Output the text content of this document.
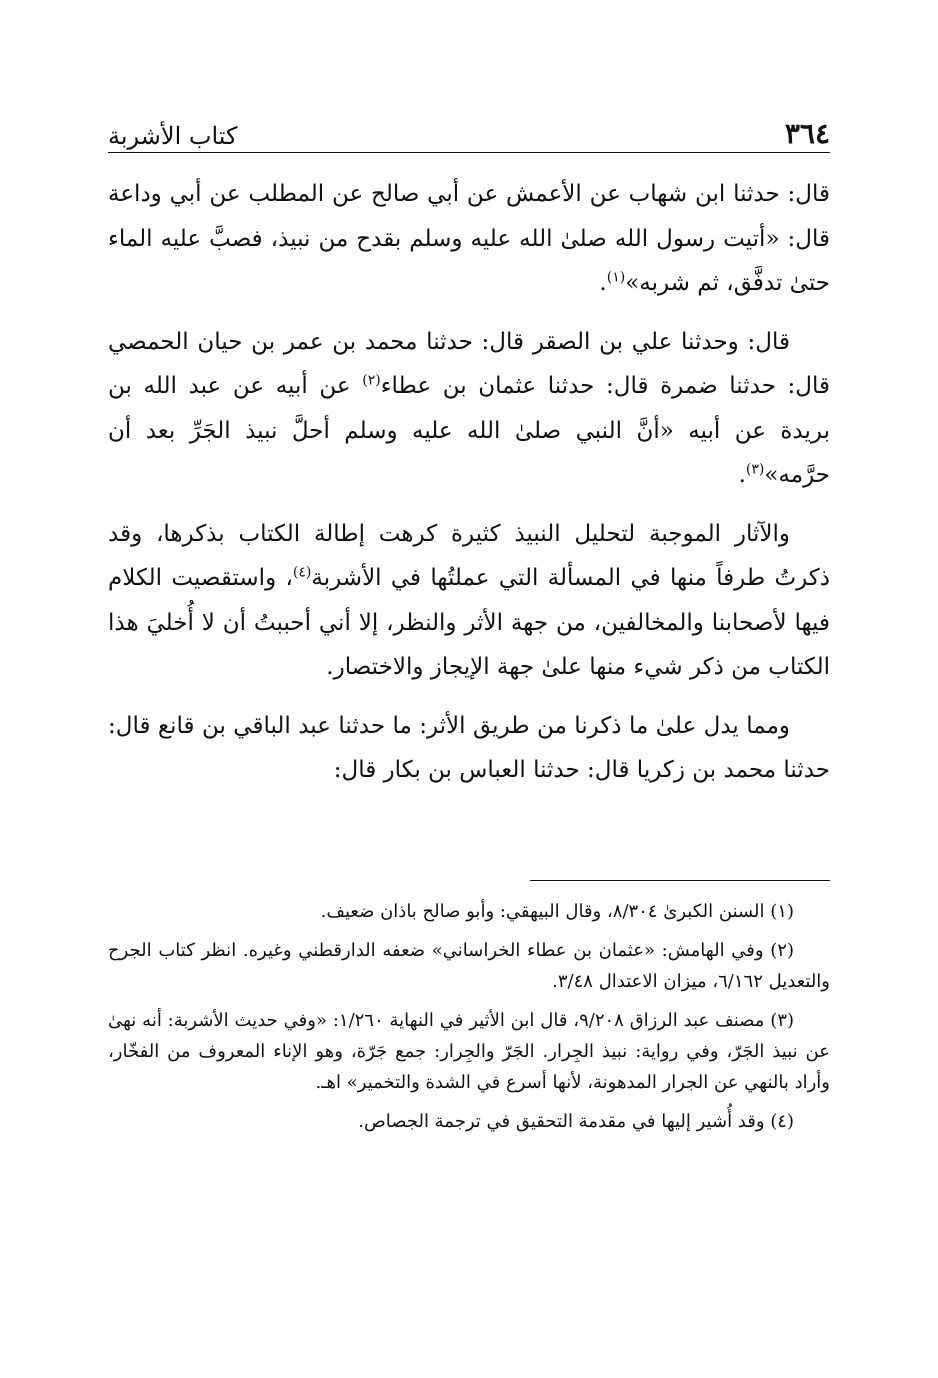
٣٦٤
كتاب الأشربة

قال: حدثنا ابن شهاب عن الأعمش عن أبي صالح عن المطلب عن أبي وداعة قال: «أتيت رسول الله صلىٰ الله عليه وسلم بقدح من نبيذ، فصبَّ عليه الماء حتىٰ تدفَّق، ثم شربه»$^{(١)}$.

قال: وحدثنا علي بن الصقر قال: حدثنا محمد بن عمر بن حيان الحمصي قال: حدثنا ضمرة قال: حدثنا عثمان بن عطاء$^{(٢)}$ عن أبيه عن عبد الله بن بريدة عن أبيه «أنَّ النبي صلىٰ الله عليه وسلم أحلَّ نبيذ الجَرِّ بعد أن حرَّمه»$^{(٣)}$.

والآثار الموجبة لتحليل النبيذ كثيرة كرهت إطالة الكتاب بذكرها، وقد ذكرتُ طرفاً منها في المسألة التي عملتُها في الأشربة$^{(٤)}$، واستقصيت الكلام فيها لأصحابنا والمخالفين، من جهة الأثر والنظر، إلا أني أحببتُ أن لا أُخليَ هذا الكتاب من ذكر شيء منها علىٰ جهة الإيجاز والاختصار.

ومما يدل علىٰ ما ذكرنا من طريق الأثر: ما حدثنا عبد الباقي بن قانع قال: حدثنا محمد بن زكريا قال: حدثنا العباس بن بكار قال:

(١) السنن الكبرىٰ ٨/٣٠٤، وقال البيهقي: وأبو صالح باذان ضعيف.

(٢) وفي الهامش: «عثمان بن عطاء الخراساني» ضعفه الدارقطني وغيره. انظر كتاب الجرح والتعديل ٦/١٦٢، ميزان الاعتدال ٣/٤٨.

(٣) مصنف عبد الرزاق ٩/٢٠٨، قال ابن الأثير في النهاية ١/٢٦٠: «وفي حديث الأشربة: أنه نهىٰ عن نبيذ الجَرّ، وفي رواية: نبيذ الجِرار. الجَرّ والجِرار: جمع جَرّة، وهو الإناء المعروف من الفخّار، وأراد بالنهي عن الجرار المدهونة، لأنها أسرع في الشدة والتخمير» اهـ.

(٤) وقد أُشير إليها في مقدمة التحقيق في ترجمة الجصاص.
